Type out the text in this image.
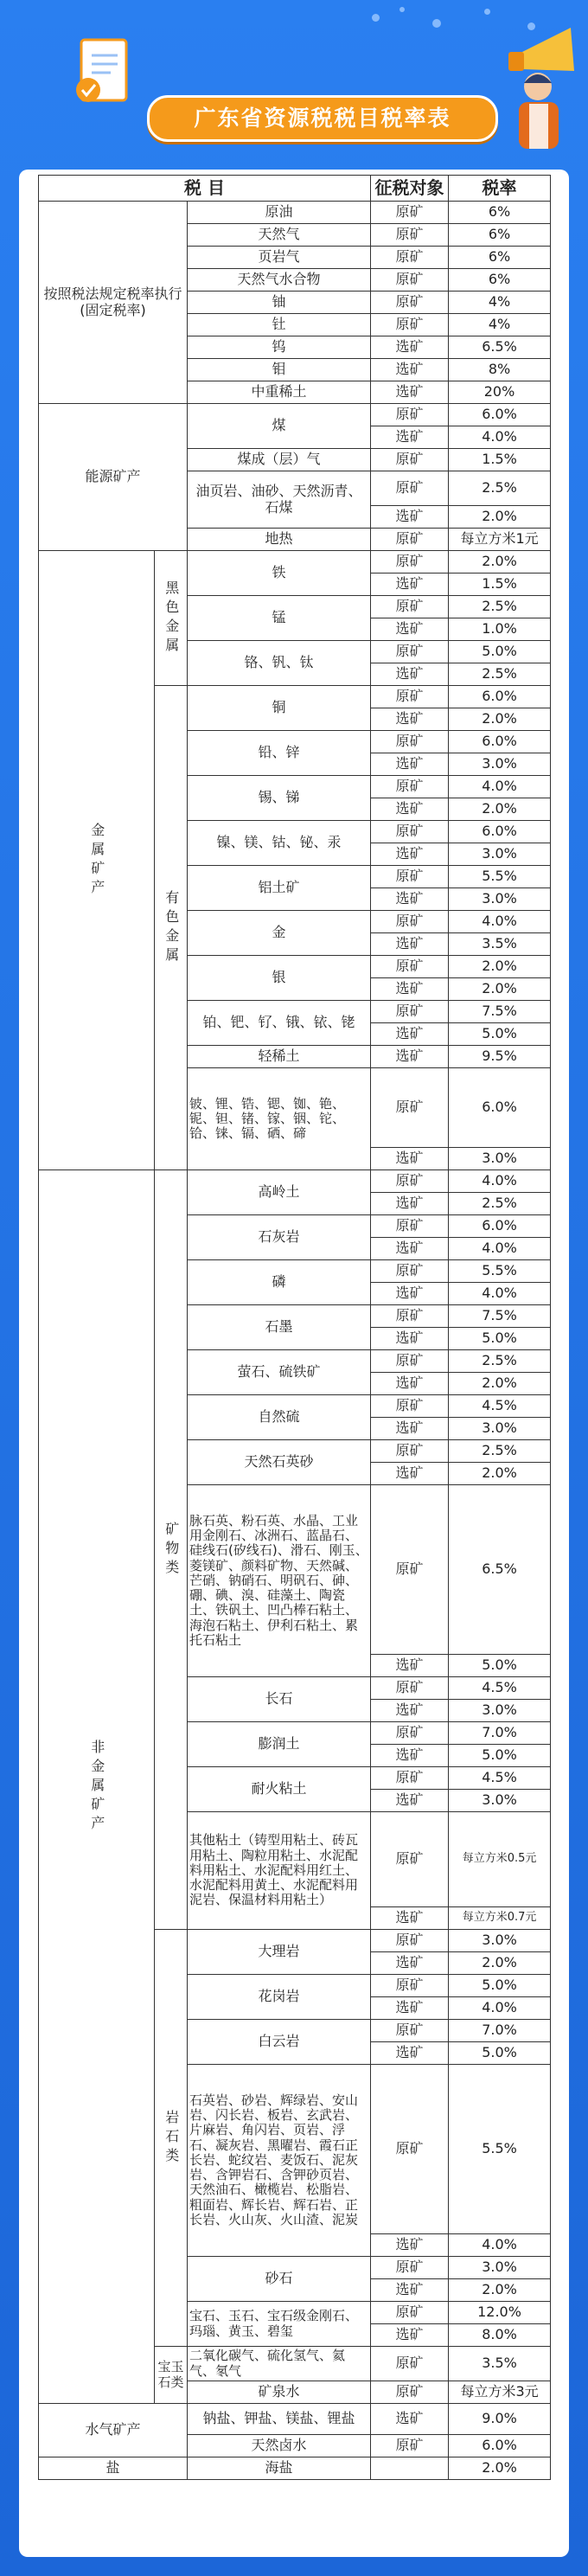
广东省资源税税目税率表
税 目			征税对象	税率
按照税法规定税率执行(固定税率)		原油	原矿	6%
		天然气	原矿	6%
		页岩气	原矿	6%
		天然气水合物	原矿	6%
		铀	原矿	4%
		钍	原矿	4%
		钨	选矿	6.5%
		钼	选矿	8%
		中重稀土	选矿	20%
能源矿产		煤	原矿	6.0%
			选矿	4.0%
		煤成（层）气	原矿	1.5%
		油页岩、油砂、天然沥青、石煤	原矿	2.5%
			选矿	2.0%
		地热	原矿	每立方米1元
金属矿产	黑色金属	铁	原矿	2.0%
			选矿	1.5%
		锰	原矿	2.5%
			选矿	1.0%
		铬、钒、钛	原矿	5.0%
			选矿	2.5%
	有色金属	铜	原矿	6.0%
			选矿	2.0%
		铅、锌	原矿	6.0%
			选矿	3.0%
		锡、锑	原矿	4.0%
			选矿	2.0%
		镍、镁、钴、铋、汞	原矿	6.0%
			选矿	3.0%
		铝土矿	原矿	5.5%
			选矿	3.0%
		金	原矿	4.0%
			选矿	3.5%
		银	原矿	2.0%
			选矿	2.0%
		铂、钯、钌、锇、铱、铑	原矿	7.5%
			选矿	5.0%
		轻稀土	选矿	9.5%
		铍、锂、锆、锶、铷、铯、铌、钽、锗、镓、铟、铊、铪、铼、镉、硒、碲	原矿	6.0%
			选矿	3.0%
非金属矿产	矿物类	高岭土	原矿	4.0%
			选矿	2.5%
		石灰岩	原矿	6.0%
			选矿	4.0%
		磷	原矿	5.5%
			选矿	4.0%
		石墨	原矿	7.5%
			选矿	5.0%
		萤石、硫铁矿	原矿	2.5%
			选矿	2.0%
		自然硫	原矿	4.5%
			选矿	3.0%
		天然石英砂	原矿	2.5%
			选矿	2.0%
		脉石英、粉石英、水晶、工业用金刚石、冰洲石、蓝晶石、硅线石(矽线石)、滑石、刚玉、菱镁矿、颜料矿物、天然碱、芒硝、钠硝石、明矾石、砷、硼、碘、溴、硅藻土、陶瓷土、铁矾土、凹凸棒石粘土、海泡石粘土、伊利石粘土、累托石粘土	原矿	6.5%
			选矿	5.0%
		长石	原矿	4.5%
			选矿	3.0%
		膨润土	原矿	7.0%
			选矿	5.0%
		耐火粘土	原矿	4.5%
			选矿	3.0%
		其他粘土（铸型用粘土、砖瓦用粘土、陶粒用粘土、水泥配料用粘土、水泥配料用红土、水泥配料用黄土、水泥配料用泥岩、保温材料用粘土）	原矿	每立方米0.5元
			选矿	每立方米0.7元
	岩石类	大理岩	原矿	3.0%
			选矿	2.0%
		花岗岩	原矿	5.0%
			选矿	4.0%
		白云岩	原矿	7.0%
			选矿	5.0%
		石英岩、砂岩、辉绿岩、安山岩、闪长岩、板岩、玄武岩、片麻岩、角闪岩、页岩、浮石、凝灰岩、黑曜岩、霞石正长岩、蛇纹岩、麦饭石、泥灰岩、含钾岩石、含钾砂页岩、天然油石、橄榄岩、松脂岩、粗面岩、辉长岩、辉石岩、正长岩、火山灰、火山渣、泥炭	原矿	5.5%
			选矿	4.0%
		砂石	原矿	3.0%
			选矿	2.0%
		宝石、玉石、宝石级金刚石、玛瑙、黄玉、碧玺	原矿	12.0%
			选矿	8.0%
	宝玉石类	二氧化碳气、硫化氢气、氦气、氡气	原矿	3.5%
		矿泉水	原矿	每立方米3元
水气矿产		钠盐、钾盐、镁盐、锂盐	选矿	9.0%
		天然卤水	原矿	6.0%
盐		海盐		2.0%
